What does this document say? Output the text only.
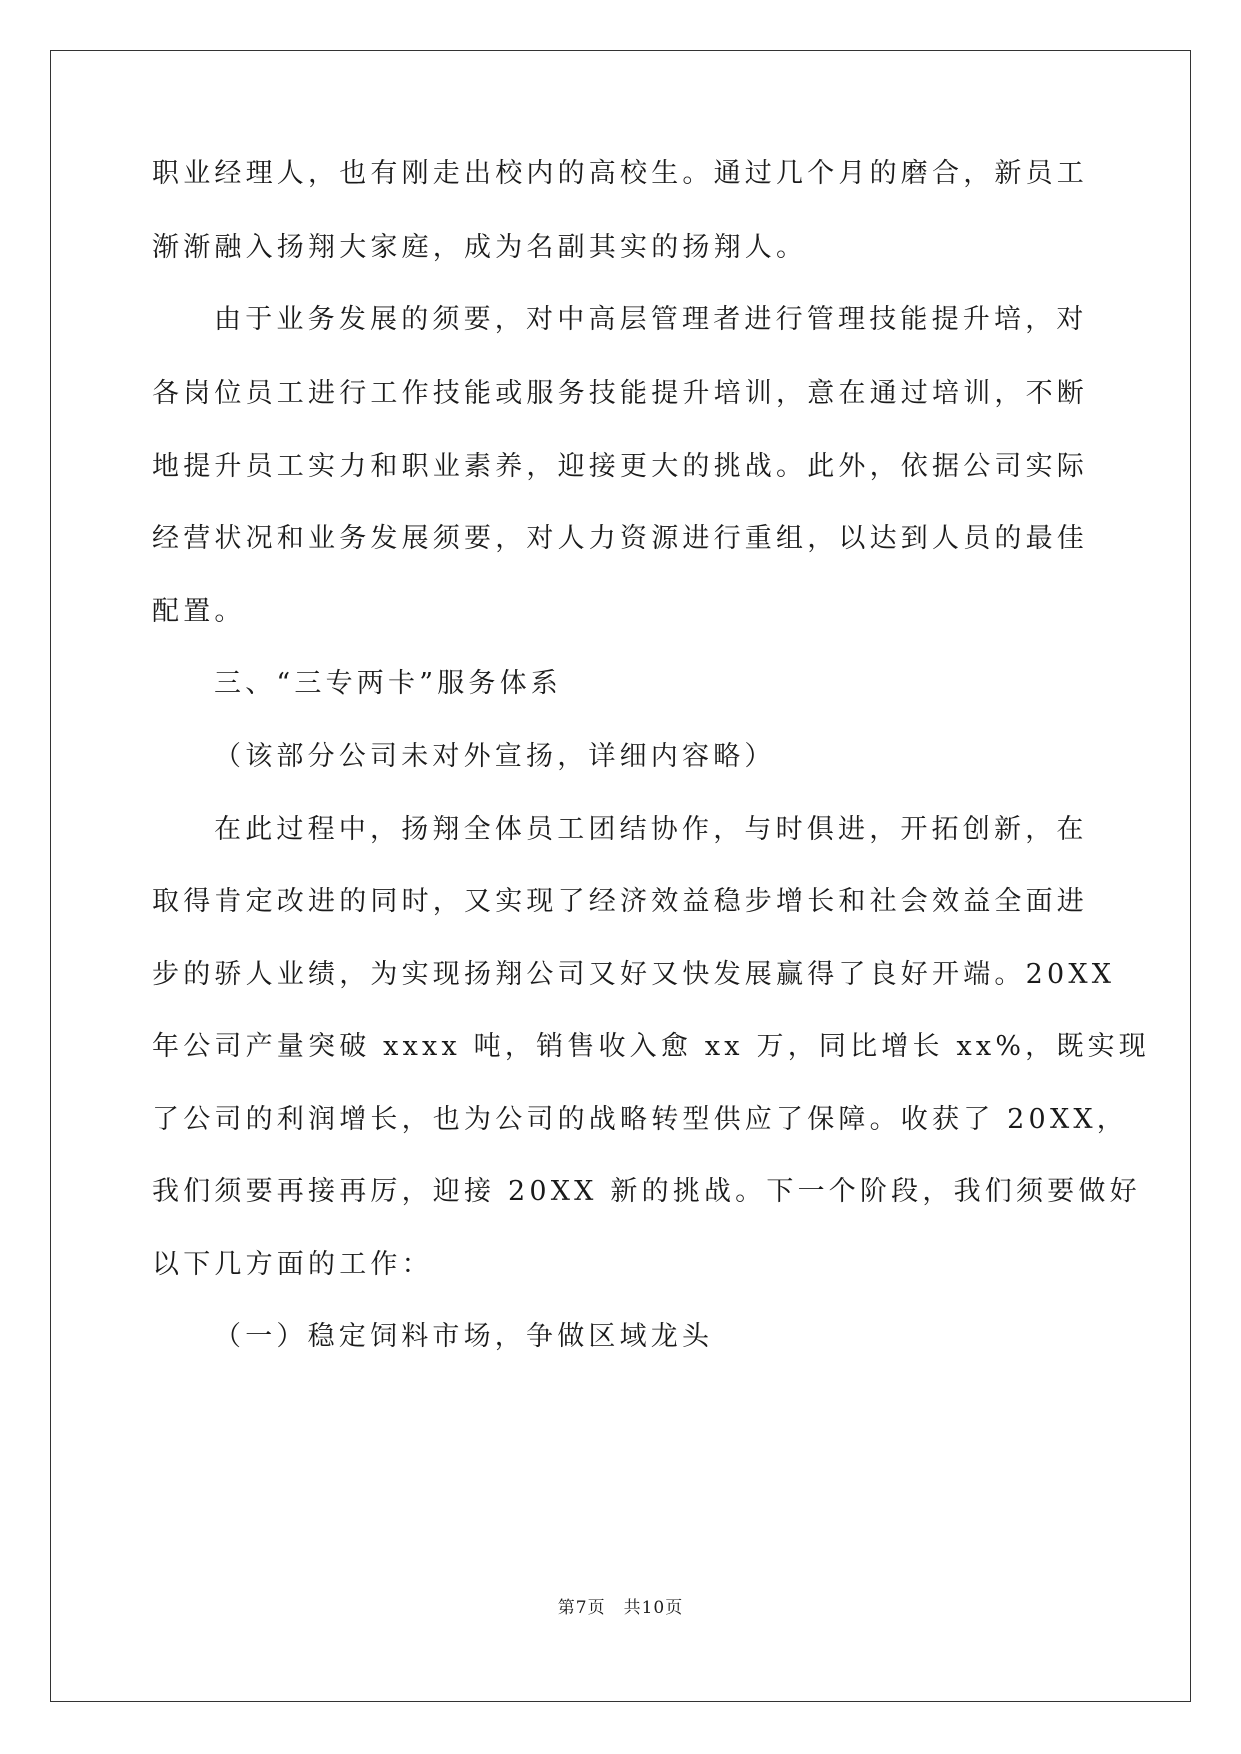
职业经理人，也有刚走出校内的高校生。通过几个月的磨合，新员工
渐渐融入扬翔大家庭，成为名副其实的扬翔人。
由于业务发展的须要，对中高层管理者进行管理技能提升培，对
各岗位员工进行工作技能或服务技能提升培训，意在通过培训，不断
地提升员工实力和职业素养，迎接更大的挑战。此外，依据公司实际
经营状况和业务发展须要，对人力资源进行重组，以达到人员的最佳
配置。
三、“三专两卡”服务体系
（该部分公司未对外宣扬，详细内容略）
在此过程中，扬翔全体员工团结协作，与时俱进，开拓创新，在
取得肯定改进的同时，又实现了经济效益稳步增长和社会效益全面进
步的骄人业绩，为实现扬翔公司又好又快发展赢得了良好开端。20XX
年公司产量突破 xxxx 吨，销售收入愈 xx 万，同比增长 xx%，既实现
了公司的利润增长，也为公司的战略转型供应了保障。收获了 20XX，
我们须要再接再厉，迎接 20XX 新的挑战。下一个阶段，我们须要做好
以下几方面的工作：
（一）稳定饲料市场，争做区域龙头
第7页　共10页
